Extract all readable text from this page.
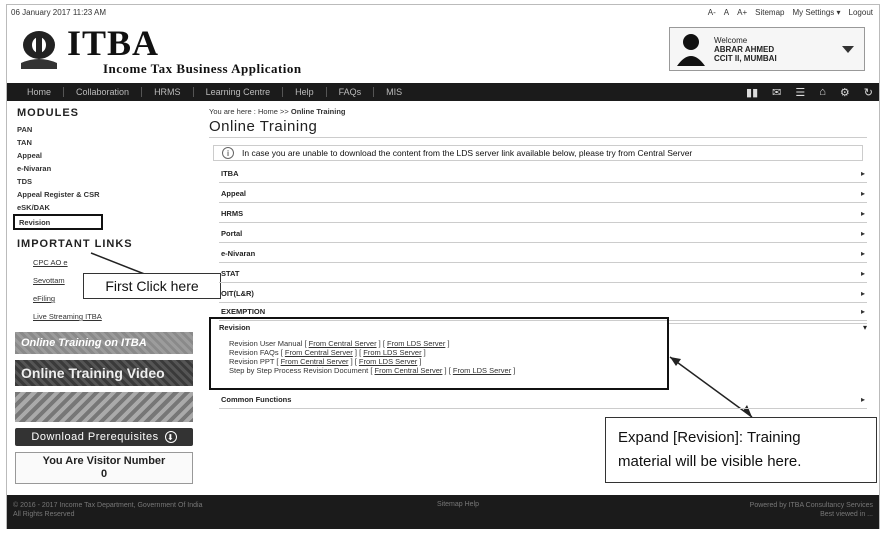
06 January 2017 11:23 AM	A- A A+ Sitemap My Settings ▾ Logout
ITBA
Income Tax Business Application
Welcome
ABRAR AHMED
CCIT II, MUMBAI
Home	Collaboration	HRMS	Learning Centre	Help	FAQs	MIS	▮▮ ✉ ☰ ⌂ ⚙ ↻
MODULES
PAN
TAN
Appeal
e-Nivaran
TDS
Appeal Register & CSR
eSK/DAK
Revision
IMPORTANT LINKS
CPC AO e
Sevottam
eFiling
Live Streaming ITBA
Online Training on ITBA
Online Training Video
Download Prerequisites ⬇
You Are Visitor Number
0
First Click here
You are here : Home >> Online Training
Online Training
i	In case you are unable to download the content from the LDS server link available below, please try from Central Server
ITBA	▸
Appeal	▸
HRMS	▸
Portal	▸
e-Nivaran	▸
STAT	▸
OIT(L&R)	▸
EXEMPTION	▸
Revision
Revision User Manual [ From Central Server ] [ From LDS Server ]
Revision FAQs [ From Central Server ] [ From LDS Server ]
Revision PPT [ From Central Server ] [ From LDS Server ]
Step by Step Process Revision Document [ From Central Server ] [ From LDS Server ]
▾
Common Functions	▸
Expand [Revision]: Training
material will be visible here.
© 2016 - 2017 Income Tax Department, Government Of India
All Rights Reserved
Sitemap Help	Powered by ITBA Consultancy Services
Best viewed in ...
